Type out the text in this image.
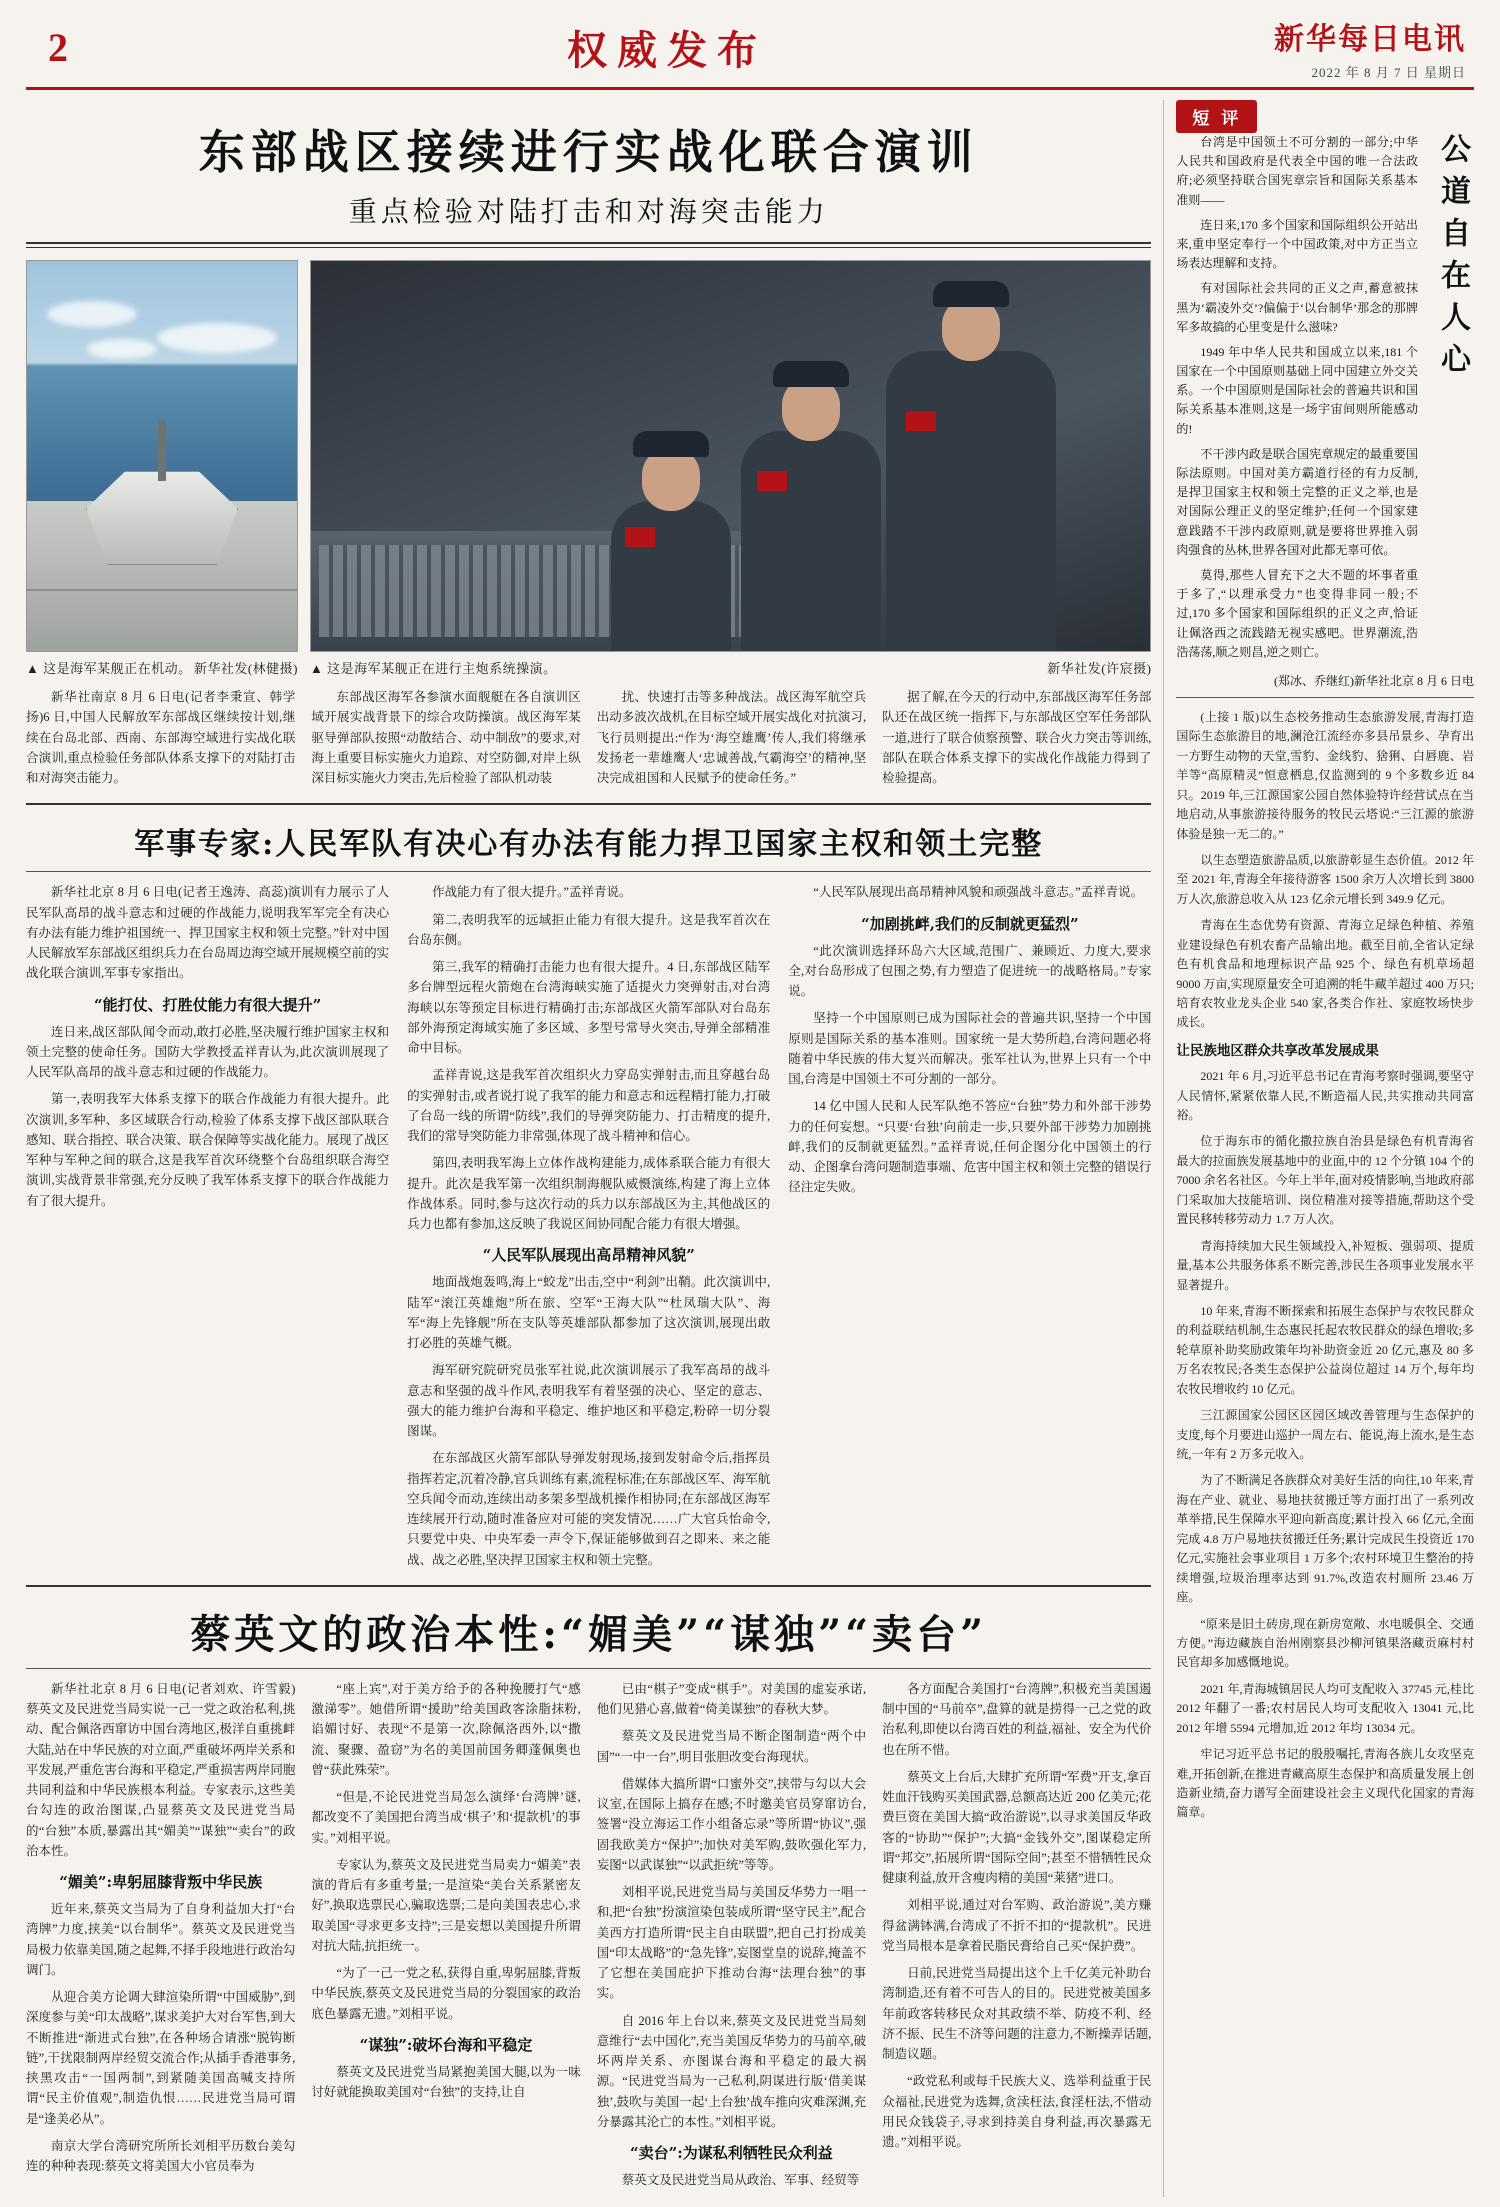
2	权威发布	新华每日电讯
2022 年 8 月 7 日 星期日
东部战区接续进行实战化联合演训
重点检验对陆打击和对海突击能力
▲ 这是海军某舰正在机动。 新华社发(林健摄) ▲ 这是海军某舰正在进行主炮系统操演。	新华社发(许宸摄)

新华社南京 8 月 6 日电(记者李秉宣、韩学扬)6 日,中国人民解放军东部战区继续按计划,继续在台岛北部、西南、东部海空域进行实战化联合演训,重点检验任务部队体系支撑下的对陆打击和对海突击能力。

东部战区海军各参演水面舰艇在各自演训区域开展实战背景下的综合攻防操演。战区海军某驱导弹部队按照“动散结合、动中制敌”的要求,对海上重要目标实施火力追踪、对空防御,对岸上纵深目标实施火力突击,先后检验了部队机动装

扰、快速打击等多种战法。战区海军航空兵出动多波次战机,在目标空域开展实战化对抗演习,飞行员则提出:“作为‘海空雄鹰’传人,我们将继承发扬老一辈雄鹰人‘忠诚善战,气霸海空’的精神,坚决完成祖国和人民赋予的使命任务。”

据了解,在今天的行动中,东部战区海军任务部队还在战区统一指挥下,与东部战区空军任务部队一道,进行了联合侦察预警、联合火力突击等训练,部队在联合体系支撑下的实战化作战能力得到了检验提高。

军事专家:人民军队有决心有办法有能力捍卫国家主权和领土完整

新华社北京 8 月 6 日电(记者王逸涛、高蕊)演训有力展示了人民军队高昂的战斗意志和过硬的作战能力,说明我军军完全有决心有办法有能力维护祖国统一、捍卫国家主权和领土完整。”针对中国人民解放军东部战区组织兵力在台岛周边海空域开展规模空前的实战化联合演训,军事专家指出。

“能打仗、打胜仗能力有很大提升”

连日来,战区部队闻令而动,敢打必胜,坚决履行维护国家主权和领土完整的使命任务。国防大学教授孟祥青认为,此次演训展现了人民军队高昂的战斗意志和过硬的作战能力。

第一,表明我军大体系支撑下的联合作战能力有很大提升。此次演训,多军种、多区域联合行动,检验了体系支撑下战区部队联合感知、联合指控、联合决策、联合保障等实战化能力。展现了战区军种与军种之间的联合,这是我军首次环绕整个台岛组织联合海空演训,实战背景非常强,充分反映了我军体系支撑下的联合作战能力有了很大提升。

作战能力有了很大提升。”孟祥青说。

第二,表明我军的远域拒止能力有很大提升。这是我军首次在台岛东侧。

第三,我军的精确打击能力也有很大提升。4 日,东部战区陆军多台牌型远程火箭炮在台湾海峡实施了适提火力突弹射击,对台湾海峡以东等预定目标进行精确打击;东部战区火箭军部队对台岛东部外海预定海域实施了多区域、多型号常导火突击,导弹全部精准命中目标。

孟祥青说,这是我军首次组织火力穿岛实弹射击,而且穿越台岛的实弹射击,或者说打说了我军的能力和意志和远程精打能力,打破了台岛一线的所谓“防线”,我们的导弹突防能力、打击精度的提升,我们的常导突防能力非常强,体现了战斗精神和信心。

第四,表明我军海上立体作战构建能力,成体系联合能力有很大提升。此次是我军第一次组织制海舰队威慑演练,构建了海上立体作战体系。同时,参与这次行动的兵力以东部战区为主,其他战区的兵力也都有参加,这反映了我说区间协同配合能力有很大增强。

“人民军队展现出高昂精神风貌”

地面战炮轰鸣,海上“蛟龙”出击,空中“利剑”出鞘。此次演训中,陆军“滚江英雄炮”所在旅、空军“王海大队”“杜凤瑞大队”、海军“海上先锋舰”所在支队等英雄部队都参加了这次演训,展现出敢打必胜的英雄气概。

海军研究院研究员张军社说,此次演训展示了我军高昂的战斗意志和坚强的战斗作风,表明我军有着坚强的决心、坚定的意志、强大的能力维护台海和平稳定、维护地区和平稳定,粉碎一切分裂图谋。

在东部战区火箭军部队导弹发射现场,接到发射命令后,指挥员指挥若定,沉着冷静,官兵训练有素,流程标准;在东部战区军、海军航空兵闻令而动,连续出动多架多型战机操作相协同;在东部战区海军连续展开行动,随时准备应对可能的突发情况……广大官兵怡命令,只要党中央、中央军委一声令下,保证能够做到召之即来、来之能战、战之必胜,坚决捍卫国家主权和领土完整。

“人民军队展现出高昂精神风貌和顽强战斗意志。”孟祥青说。

“加剧挑衅,我们的反制就更猛烈”

“此次演训选择环岛六大区域,范围广、兼顾近、力度大,要求全,对台岛形成了包围之势,有力塑造了促进统一的战略格局。”专家说。

坚持一个中国原则已成为国际社会的普遍共识,坚持一个中国原则是国际关系的基本准则。国家统一是大势所趋,台湾问题必将随着中华民族的伟大复兴而解决。张军社认为,世界上只有一个中国,台湾是中国领土不可分割的一部分。

14 亿中国人民和人民军队绝不答应“台独”势力和外部干涉势力的任何妄想。“只要‘台独’向前走一步,只要外部干涉势力加剧挑衅,我们的反制就更猛烈。”孟祥青说,任何企图分化中国领土的行动、企图拿台湾问题制造事端、危害中国主权和领土完整的错误行径注定失败。

蔡英文的政治本性:“媚美”“谋独”“卖台”

新华社北京 8 月 6 日电(记者刘欢、许雪毅)蔡英文及民进党当局实说一己一党之政治私利,挑动、配合佩洛西窜访中国台湾地区,极洋自重挑衅大陆,站在中华民族的对立面,严重破坏两岸关系和平发展,严重危害台海和平稳定,严重损害两岸同胞共同利益和中华民族根本利益。专家表示,这些美台勾连的政治图谋,凸显蔡英文及民进党当局的“台独”本质,暴露出其“媚美”“谋独”“卖台”的政治本性。

“媚美”:卑躬屈膝背叛中华民族

近年来,蔡英文当局为了自身利益加大打“台湾牌”力度,挟美“以台制华”。蔡英文及民进党当局极力依靠美国,随之起舞,不择手段地进行政治勾调门。

从迎合美方论调大肆渲染所谓“中国威胁”,到深度参与美“印太战略”,谋求美护大对台军售,到大不断推进“渐进式台独”,在各种场合请涨“脱钩断链”,干扰限制两岸经贸交流合作;从插手香港事务,挟黑攻击“一国两制”,到紧随美国高喊支持所谓“民主价值观”,制造仇恨……民进党当局可谓是“逢美必从”。

南京大学台湾研究所所长刘相平历数台美勾连的种种表现:蔡英文将美国大小官员奉为

“座上宾”,对于美方给予的各种挽腰打气“感激涕零”。她借所谓“援助”给美国政客涂脂抹粉,谄媚讨好、表现“不是第一次,除佩洛西外,以“撒流、聚骤、盈窃”为名的美国前国务卿蓬佩奥也曾“获此殊荣”。

“但是,不论民进党当局怎么演绎‘台湾牌’谜,都改变不了美国把台湾当成‘棋子’和‘提款机’的事实。”刘相平说。

专家认为,蔡英文及民进党当局卖力“媚美”表演的背后有多重考量;一是渲染“美台关系紧密友好”,换取选票民心,骗取选票;二是向美国表忠心,求取美国“寻求更多支持”;三是妄想以美国提升所谓对抗大陆,抗拒统一。

“为了一己一党之私,获得自重,卑躬屈膝,背叛中华民族,蔡英文及民进党当局的分裂国家的政治底色暴露无遗。”刘相平说。

“谋独”:破坏台海和平稳定

蔡英文及民进党当局紧抱美国大腿,以为一味讨好就能换取美国对“台独”的支持,让自

已由“棋子”变成“棋手”。对美国的虚妄承诺,他们见猎心喜,做着“倚美谋独”的春秋大梦。

蔡英文及民进党当局不断企图制造“两个中国”“一中一台”,明目张胆改变台海现状。

借媒体大搞所谓“口蜜外交”,挟带与勾以大会议室,在国际上搞存在感;不时邀美官员穿窜访台,签署“没立海运工作小组备忘录”等所谓“协议”,强固我欧美方“保护”;加快对美军购,鼓吹强化军力,妄图“以武谋独”“以武拒统”等等。

刘相平说,民进党当局与美国反华势力一唱一和,把“台独”扮演渲染包装成所谓“坚守民主”,配合美西方打造所谓“民主自由联盟”,把自己打扮成美国“印太战略”的“急先锋”,妄图堂皇的说辞,掩盖不了它想在美国庇护下推动台海“法理台独”的事实。

自 2016 年上台以来,蔡英文及民进党当局刻意维行“去中国化”,充当美国反华势力的马前卒,破坏两岸关系、亦图谋台海和平稳定的最大祸源。“民进党当局为一己私利,阴谋进行版‘借美谋独’,鼓吹与美国一起‘上台独’战车推向灾难深渊,充分暴露其沦亡的本性。”刘相平说。

“卖台”:为谋私利牺牲民众利益

蔡英文及民进党当局从政治、军事、经贸等

各方面配合美国打“台湾牌”,积极充当美国遏制中国的“马前卒”,盘算的就是捞得一己之党的政治私利,即使以台湾百姓的利益,福祉、安全为代价也在所不惜。

蔡英文上台后,大肆扩充所谓“军费”开支,拿百姓血汗钱购买美国武器,总额高达近 200 亿美元;花费巨资在美国大搞“政治游说”,以寻求美国反华政客的“协助”“保护”;大搞“金钱外交”,图谋稳定所谓“邦交”,拓展所谓“国际空间”;甚至不惜牺牲民众健康利益,放开含瘦肉精的美国“莱猪”进口。

刘相平说,通过对台军购、政治游说”,美方赚得盆满钵满,台湾成了不折不扣的“提款机”。民进党当局根本是拿着民脂民膏给自己买“保护费”。

日前,民进党当局提出这个上千亿美元补助台湾制造,还有着不可告人的目的。民进党被美国多年前政客转移民众对其政绩不举、防疫不利、经济不振、民生不济等问题的注意力,不断操弄话题,制造议题。

“政党私利或每千民族大义、选举利益重于民众福祉,民进党为选舞,贪渎枉法,食淫枉法,不惜动用民众钱袋子,寻求到持美自身利益,再次暴露无遗。”刘相平说。

短 评

台湾是中国领土不可分割的一部分;中华人民共和国政府是代表全中国的唯一合法政府;必须坚持联合国宪章宗旨和国际关系基本准则——

连日来,170 多个国家和国际组织公开站出来,重申坚定奉行一个中国政策,对中方正当立场表达理解和支持。

有对国际社会共同的正义之声,蓄意被抹黑为‘霸凌外交’?偏偏于‘以台制华’那念的那牌军多故搞的心里变是什么滋味?

1949 年中华人民共和国成立以来,181 个国家在一个中国原则基础上同中国建立外交关系。一个中国原则是国际社会的普遍共识和国际关系基本准则,这是一场宇宙间则所能感动的!

不干涉内政是联合国宪章规定的最重要国际法原则。中国对美方霸道行径的有力反制,是捍卫国家主权和领土完整的正义之举,也是对国际公理正义的坚定维护;任何一个国家建意践踏不干涉内政原则,就是要将世界推入弱肉强食的丛林,世界各国对此都无辜可依。

莫得,那些人冒充下之大不题的坏事者重于多了,“以理承受力”也变得非同一般;不过,170 多个国家和国际组织的正义之声,恰证让佩洛西之流践踏无视实感吧。世界潮流,浩浩荡荡,顺之则昌,逆之则亡。

公道自在人心
(郑冰、乔继红)新华社北京 8 月 6 日电

(上接 1 版)以生态校务推动生态旅游发展,青海打造国际生态旅游目的地,澜沧江流经亦多县吊景乡、孕育出一方野生动物的天堂,雪豹、金线豹、猞猁、白唇鹿、岩羊等“高原精灵”恒意栖息,仅监测到的 9 个多数乡近 84 只。2019 年,三江源国家公园自然体验特许经营试点在当地启动,从事旅游接待服务的牧民云塔说:“三江源的旅游体验是独一无二的。”

以生态塑造旅游品质,以旅游彰显生态价值。2012 年至 2021 年,青海全年接待游客 1500 余万人次增长到 3800 万人次,旅游总收入从 123 亿余元增长到 349.9 亿元。

青海在生态优势有资源、青海立足绿色种植、养殖业建设绿色有机农畜产品输出地。截至目前,全省认定绿色有机食品和地理标识产品 925 个、绿色有机草场超 9000 万亩,实现原量安全可追溯的牦牛藏羊超过 400 万只;培育农牧业龙头企业 540 家,各类合作社、家庭牧场快步成长。

让民族地区群众共享改革发展成果

2021 年 6 月,习近平总书记在青海考察时强调,要坚守人民情怀,紧紧依靠人民,不断造福人民,共实推动共同富裕。

位于海东市的循化撒拉族自治县是绿色有机青海省最大的拉面族发展基地中的业面,中的 12 个分镇 104 个的 7000 余名名社区。今年上半年,面对疫情影响,当地政府部门采取加大技能培训、岗位精准对接等措施,帮助这个受置民移转移劳动力 1.7 万人次。

青海持续加大民生领域投入,补短板、强弱项、提质量,基本公共服务体系不断完善,涉民生各项事业发展水平显著提升。

10 年来,青海不断探索和拓展生态保护与农牧民群众的利益联结机制,生态惠民托起农牧民群众的绿色增收;多轮草原补助奖励政策年均补助资金近 20 亿元,惠及 80 多万名农牧民;各类生态保护公益岗位超过 14 万个,每年均农牧民增收约 10 亿元。

三江源国家公园区区园区域改善管理与生态保护的支度,每个月要进山巡护一周左右、能说,海上流水,是生态统,一年有 2 万多元收入。

为了不断满足各族群众对美好生活的向往,10 年来,青海在产业、就业、易地扶贫搬迁等方面打出了一系列改革举措,民生保障水平迎向新高度;累计投入 66 亿元,全面完成 4.8 万户易地扶贫搬迁任务;累计完成民生投资近 170 亿元,实施社会事业项目 1 万多个;农村环境卫生整治的持续增强,垃圾治理率达到 91.7%,改造农村厕所 23.46 万座。

“原来是旧土砖房,现在新房宽敞、水电暖俱全、交通方便。”海边藏族自治州刚察县沙柳河镇果洛藏贡麻村村民官却多加感慨地说。

2021 年,青海城镇居民人均可支配收入 37745 元,桂比 2012 年翻了一番;农村居民人均可支配收入 13041 元,比 2012 年增 5594 元增加,近 2012 年均 13034 元。

牢记习近平总书记的殷殷嘱托,青海各族儿女攻坚克难,开拓创新,在推进青藏高原生态保护和高质量发展上创造新业绩,奋力谱写全面建设社会主义现代化国家的青海篇章。
